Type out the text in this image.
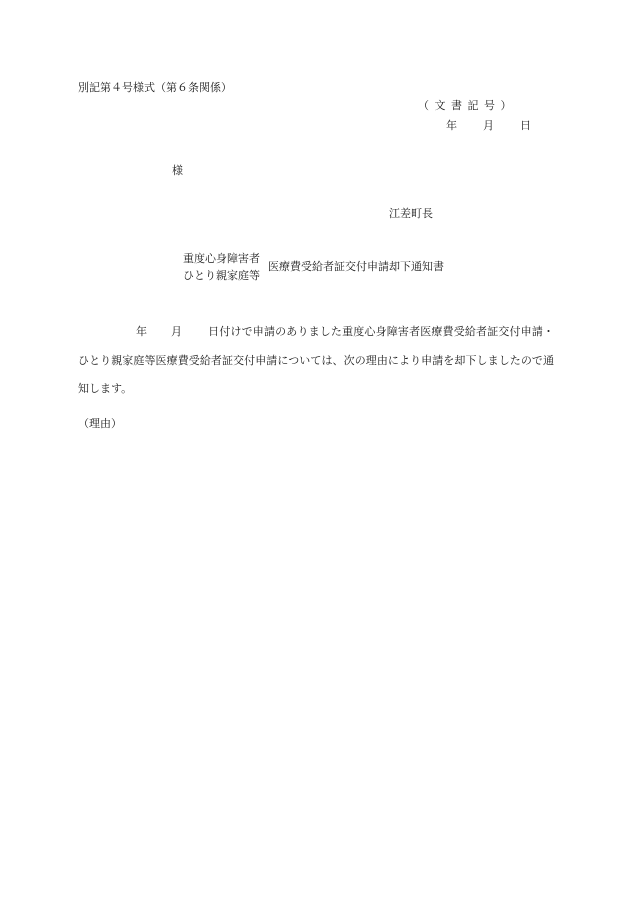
別記第４号様式（第６条関係）
（文書記号）
年 月 日
様
江差町長
重度心身障害者
ひとり親家庭等医療費受給者証交付申請却下通知書
年 月 日付けで申請のありました重度心身障害者医療費受給者証交付申請・ひとり親家庭等医療費受給者証交付申請については、次の理由により申請を却下しましたので通知します。
（理由）
